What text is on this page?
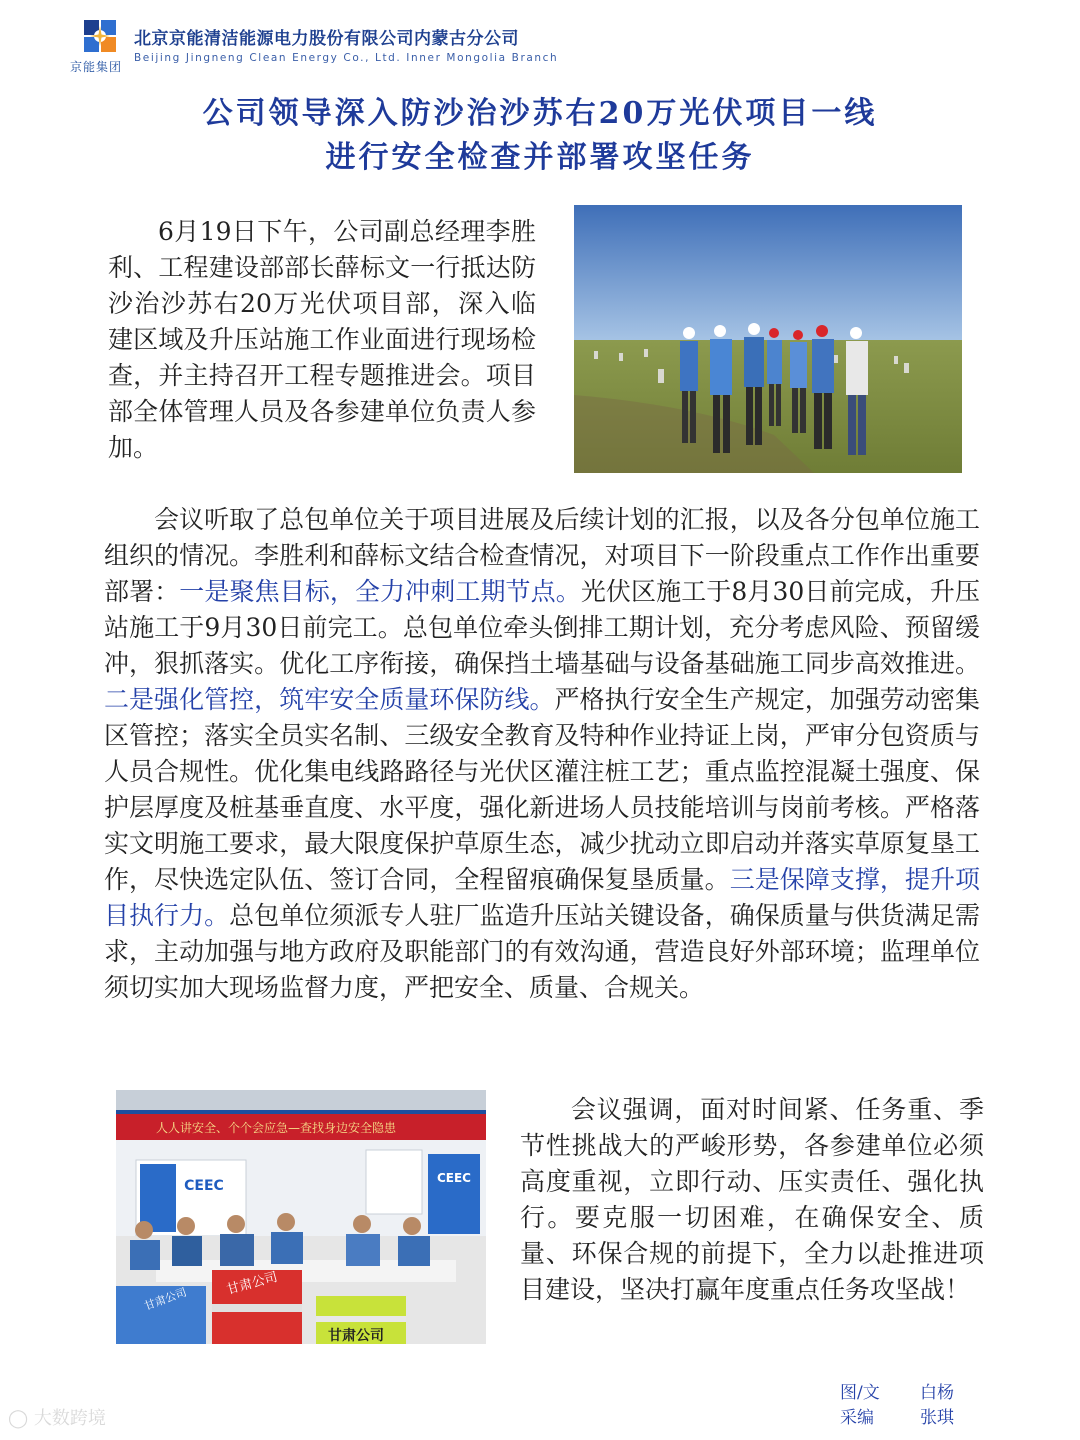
京能集团
北京京能清洁能源电力股份有限公司内蒙古分公司
Beijing Jingneng Clean Energy Co., Ltd. Inner Mongolia Branch
公司领导深入防沙治沙苏右20万光伏项目一线
进行安全检查并部署攻坚任务

6月19日下午，公司副总经理李胜利、工程建设部部长薛标文一行抵达防沙治沙苏右20万光伏项目部，深入临建区域及升压站施工作业面进行现场检查，并主持召开工程专题推进会。项目部全体管理人员及各参建单位负责人参加。

会议听取了总包单位关于项目进展及后续计划的汇报，以及各分包单位施工组织的情况。李胜利和薛标文结合检查情况，对项目下一阶段重点工作作出重要部署：一是聚焦目标，全力冲刺工期节点。光伏区施工于8月30日前完成，升压站施工于9月30日前完工。总包单位牵头倒排工期计划，充分考虑风险、预留缓冲，狠抓落实。优化工序衔接，确保挡土墙基础与设备基础施工同步高效推进。 二是强化管控，筑牢安全质量环保防线。严格执行安全生产规定，加强劳动密集区管控；落实全员实名制、三级安全教育及特种作业持证上岗，严审分包资质与人员合规性。优化集电线路路径与光伏区灌注桩工艺；重点监控混凝土强度、保护层厚度及桩基垂直度、水平度，强化新进场人员技能培训与岗前考核。严格落实文明施工要求，最大限度保护草原生态，减少扰动立即启动并落实草原复垦工作，尽快选定队伍、签订合同，全程留痕确保复垦质量。三是保障支撑，提升项目执行力。总包单位须派专人驻厂监造升压站关键设备，确保质量与供货满足需求，主动加强与地方政府及职能部门的有效沟通，营造良好外部环境；监理单位须切实加大现场监督力度，严把安全、质量、合规关。

人人讲安全、个个会应急—查找身边安全隐患
CEEC	CEEC
甘肃公司
甘肃公司
甘肃公司

会议强调，面对时间紧、任务重、季节性挑战大的严峻形势，各参建单位必须高度重视，立即行动、压实责任、强化执行。要克服一切困难，在确保安全、质量、环保合规的前提下，全力以赴推进项目建设，坚决打赢年度重点任务攻坚战！

图/文 白杨
采编	张琪
◯ 大数跨境
